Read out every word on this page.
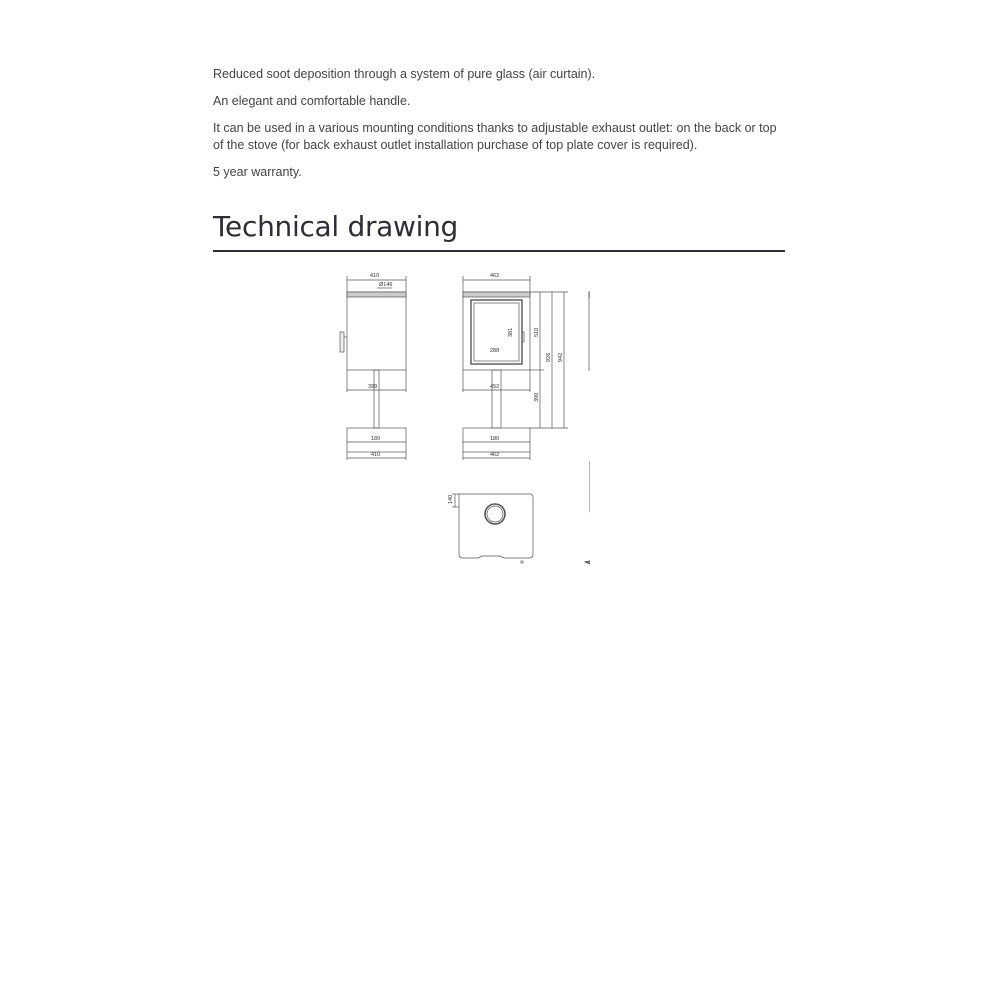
Reduced soot deposition through a system of pure glass (air curtain).

An elegant and comfortable handle.

It can be used in a various mounting conditions thanks to adjustable exhaust outlet: on the back or top of the stove (for back exhaust outlet installation purchase of top plate cover is required).

5 year warranty.

Technical drawing
410
Ø146
399
180
410
462
381
288
452
180
462
510
390
926 942
140
